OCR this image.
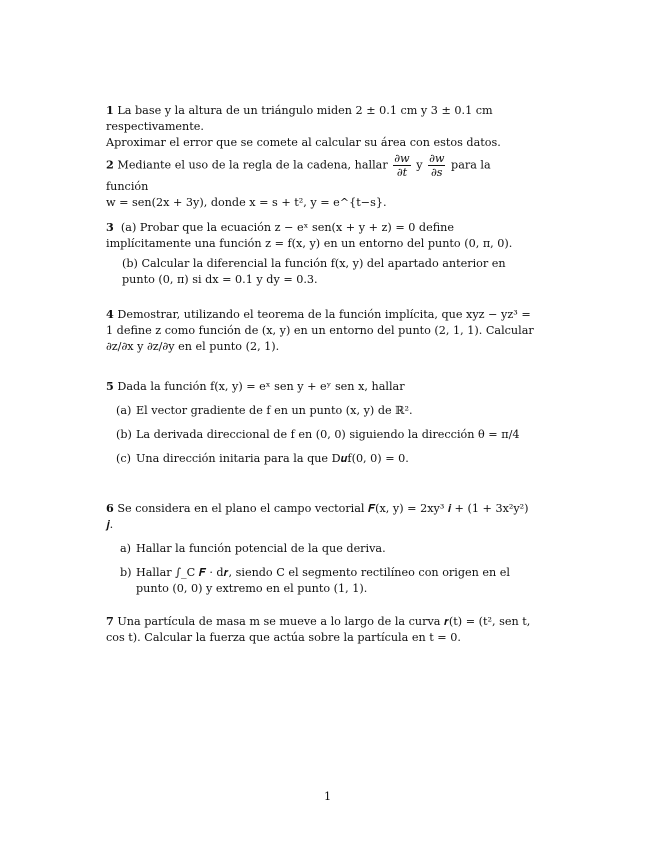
1 La base y la altura de un triángulo miden 2 ± 0.1 cm y 3 ± 0.1 cm respectivamente.
Aproximar el error que se comete al calcular su área con estos datos.
2 Mediante el uso de la regla de la cadena, hallar $\frac{\partial w}{\partial t}$ y $\frac{\partial w}{\partial s}$ para la función
w = sen(2x + 3y), donde x = s + t², y = e^{t−s}.
3 (a) Probar que la ecuación z − eˣ sen(x + y + z) = 0 define implícitamente una función z = f(x, y) en un entorno del punto (0, π, 0).
(b) Calcular la diferencial la función f(x, y) del apartado anterior en punto (0, π) si dx = 0.1 y dy = 0.3.
4 Demostrar, utilizando el teorema de la función implícita, que xyz − yz³ = 1 define z como función de (x, y) en un entorno del punto (2, 1, 1). Calcular ∂z/∂x y ∂z/∂y en el punto (2, 1).
5 Dada la función f(x, y) = eˣ sen y + eʸ sen x, hallar
(a) El vector gradiente de f en un punto (x, y) de ℝ².
(b) La derivada direccional de f en (0, 0) siguiendo la dirección θ = π/4
(c) Una dirección initaria para la que D𝒖f(0, 0) = 0.
6 Se considera en el plano el campo vectorial 𝑭(x, y) = 2xy³ 𝒊 + (1 + 3x²y²) 𝒋.
a) Hallar la función potencial de la que deriva.
b) Hallar ∫_C 𝑭 · d𝒓, siendo C el segmento rectilíneo con origen en el punto (0, 0) y extremo en el punto (1, 1).
7 Una partícula de masa m se mueve a lo largo de la curva 𝒓(t) = (t², sen t, cos t). Calcular la fuerza que actúa sobre la partícula en t = 0.
1
